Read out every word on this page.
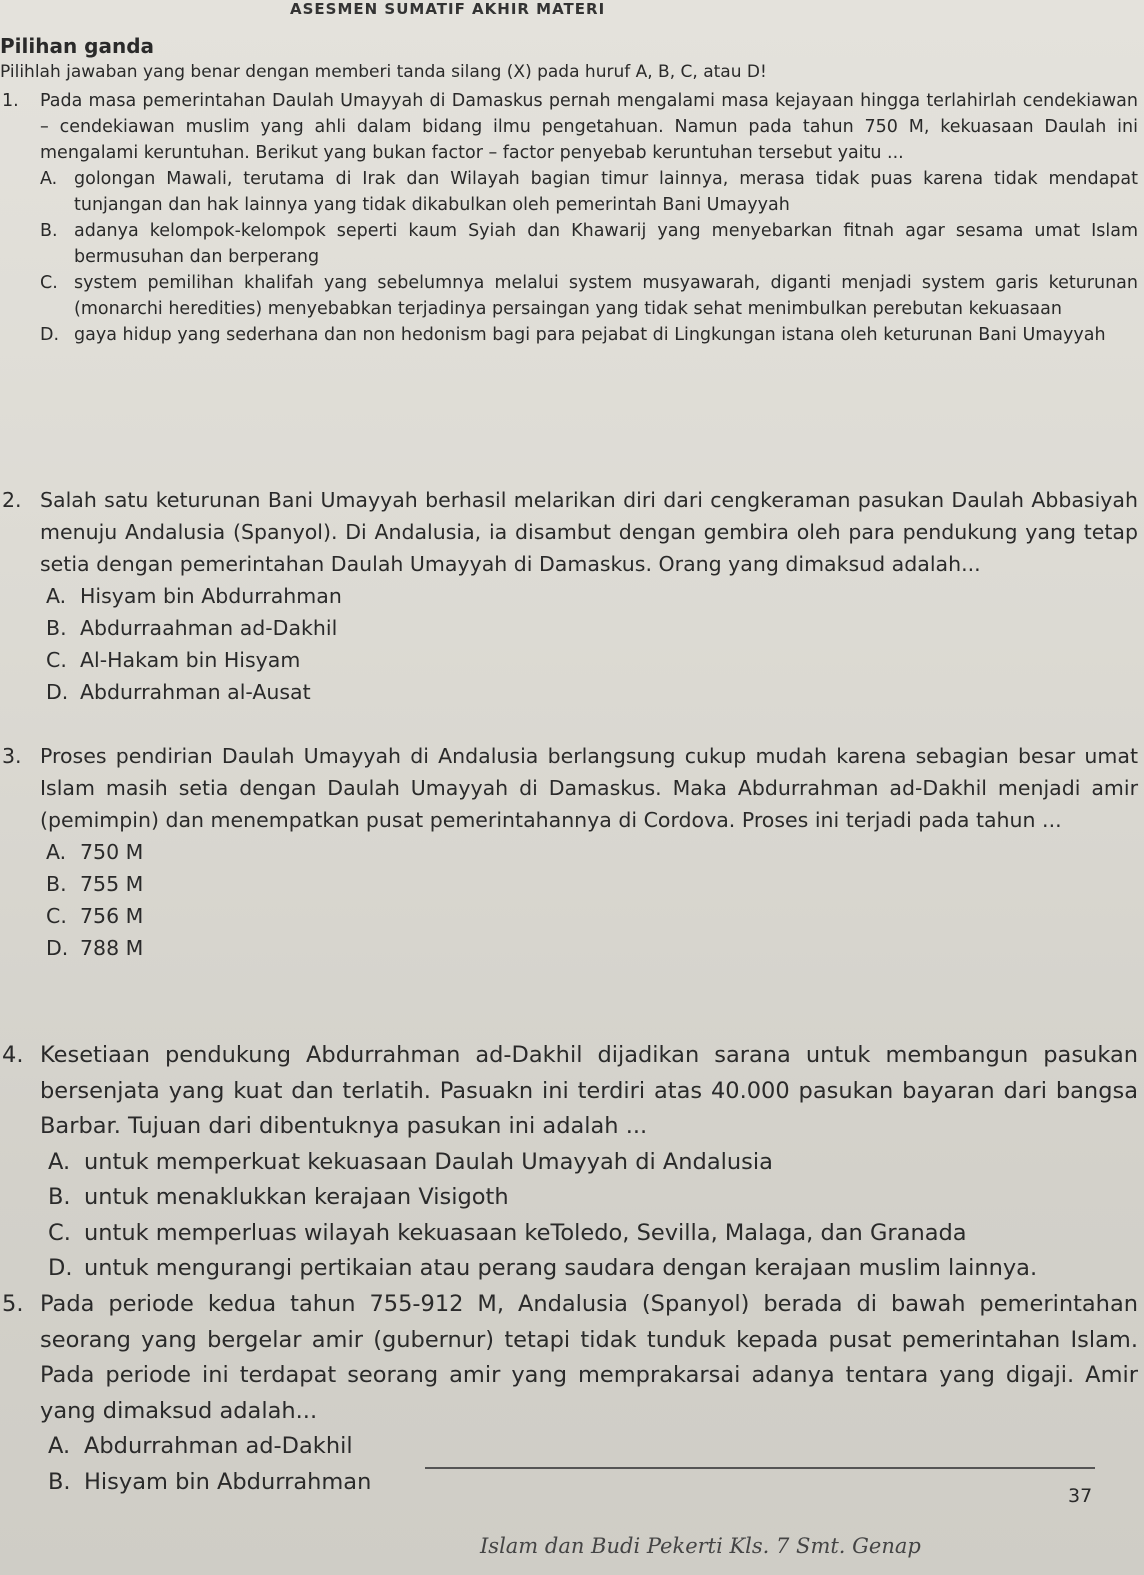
ASESMEN SUMATIF AKHIR MATERI
Pilihan ganda
Pilihlah jawaban yang benar dengan memberi tanda silang (X) pada huruf A, B, C, atau D!
1. Pada masa pemerintahan Daulah Umayyah di Damaskus pernah mengalami masa kejayaan hingga terlahirlah cendekiawan – cendekiawan muslim yang ahli dalam bidang ilmu pengetahuan. Namun pada tahun 750 M, kekuasaan Daulah ini mengalami keruntuhan. Berikut yang bukan factor – factor penyebab keruntuhan tersebut yaitu ...
A. golongan Mawali, terutama di Irak dan Wilayah bagian timur lainnya, merasa tidak puas karena tidak mendapat tunjangan dan hak lainnya yang tidak dikabulkan oleh pemerintah Bani Umayyah
B. adanya kelompok-kelompok seperti kaum Syiah dan Khawarij yang menyebarkan fitnah agar sesama umat Islam bermusuhan dan berperang
C. system pemilihan khalifah yang sebelumnya melalui system musyawarah, diganti menjadi system garis keturunan (monarchi heredities) menyebabkan terjadinya persaingan yang tidak sehat menimbulkan perebutan kekuasaan
D. gaya hidup yang sederhana dan non hedonism bagi para pejabat di Lingkungan istana oleh keturunan Bani Umayyah
2. Salah satu keturunan Bani Umayyah berhasil melarikan diri dari cengkeraman pasukan Daulah Abbasiyah menuju Andalusia (Spanyol). Di Andalusia, ia disambut dengan gembira oleh para pendukung yang tetap setia dengan pemerintahan Daulah Umayyah di Damaskus. Orang yang dimaksud adalah...
A. Hisyam bin Abdurrahman
B. Abdurraahman ad-Dakhil
C. Al-Hakam bin Hisyam
D. Abdurrahman al-Ausat
3. Proses pendirian Daulah Umayyah di Andalusia berlangsung cukup mudah karena sebagian besar umat Islam masih setia dengan Daulah Umayyah di Damaskus. Maka Abdurrahman ad-Dakhil menjadi amir (pemimpin) dan menempatkan pusat pemerintahannya di Cordova. Proses ini terjadi pada tahun ...
A. 750 M
B. 755 M
C. 756 M
D. 788 M
4. Kesetiaan pendukung Abdurrahman ad-Dakhil dijadikan sarana untuk membangun pasukan bersenjata yang kuat dan terlatih. Pasuakn ini terdiri atas 40.000 pasukan bayaran dari bangsa Barbar. Tujuan dari dibentuknya pasukan ini adalah ...
A. untuk memperkuat kekuasaan Daulah Umayyah di Andalusia
B. untuk menaklukkan kerajaan Visigoth
C. untuk memperluas wilayah kekuasaan keToledo, Sevilla, Malaga, dan Granada
D. untuk mengurangi pertikaian atau perang saudara dengan kerajaan muslim lainnya.
5. Pada periode kedua tahun 755-912 M, Andalusia (Spanyol) berada di bawah pemerintahan seorang yang bergelar amir (gubernur) tetapi tidak tunduk kepada pusat pemerintahan Islam. Pada periode ini terdapat seorang amir yang memprakarsai adanya tentara yang digaji. Amir yang dimaksud adalah...
A. Abdurrahman ad-Dakhil
B. Hisyam bin Abdurrahman
37
Islam dan Budi Pekerti Kls. 7 Smt. Genap
